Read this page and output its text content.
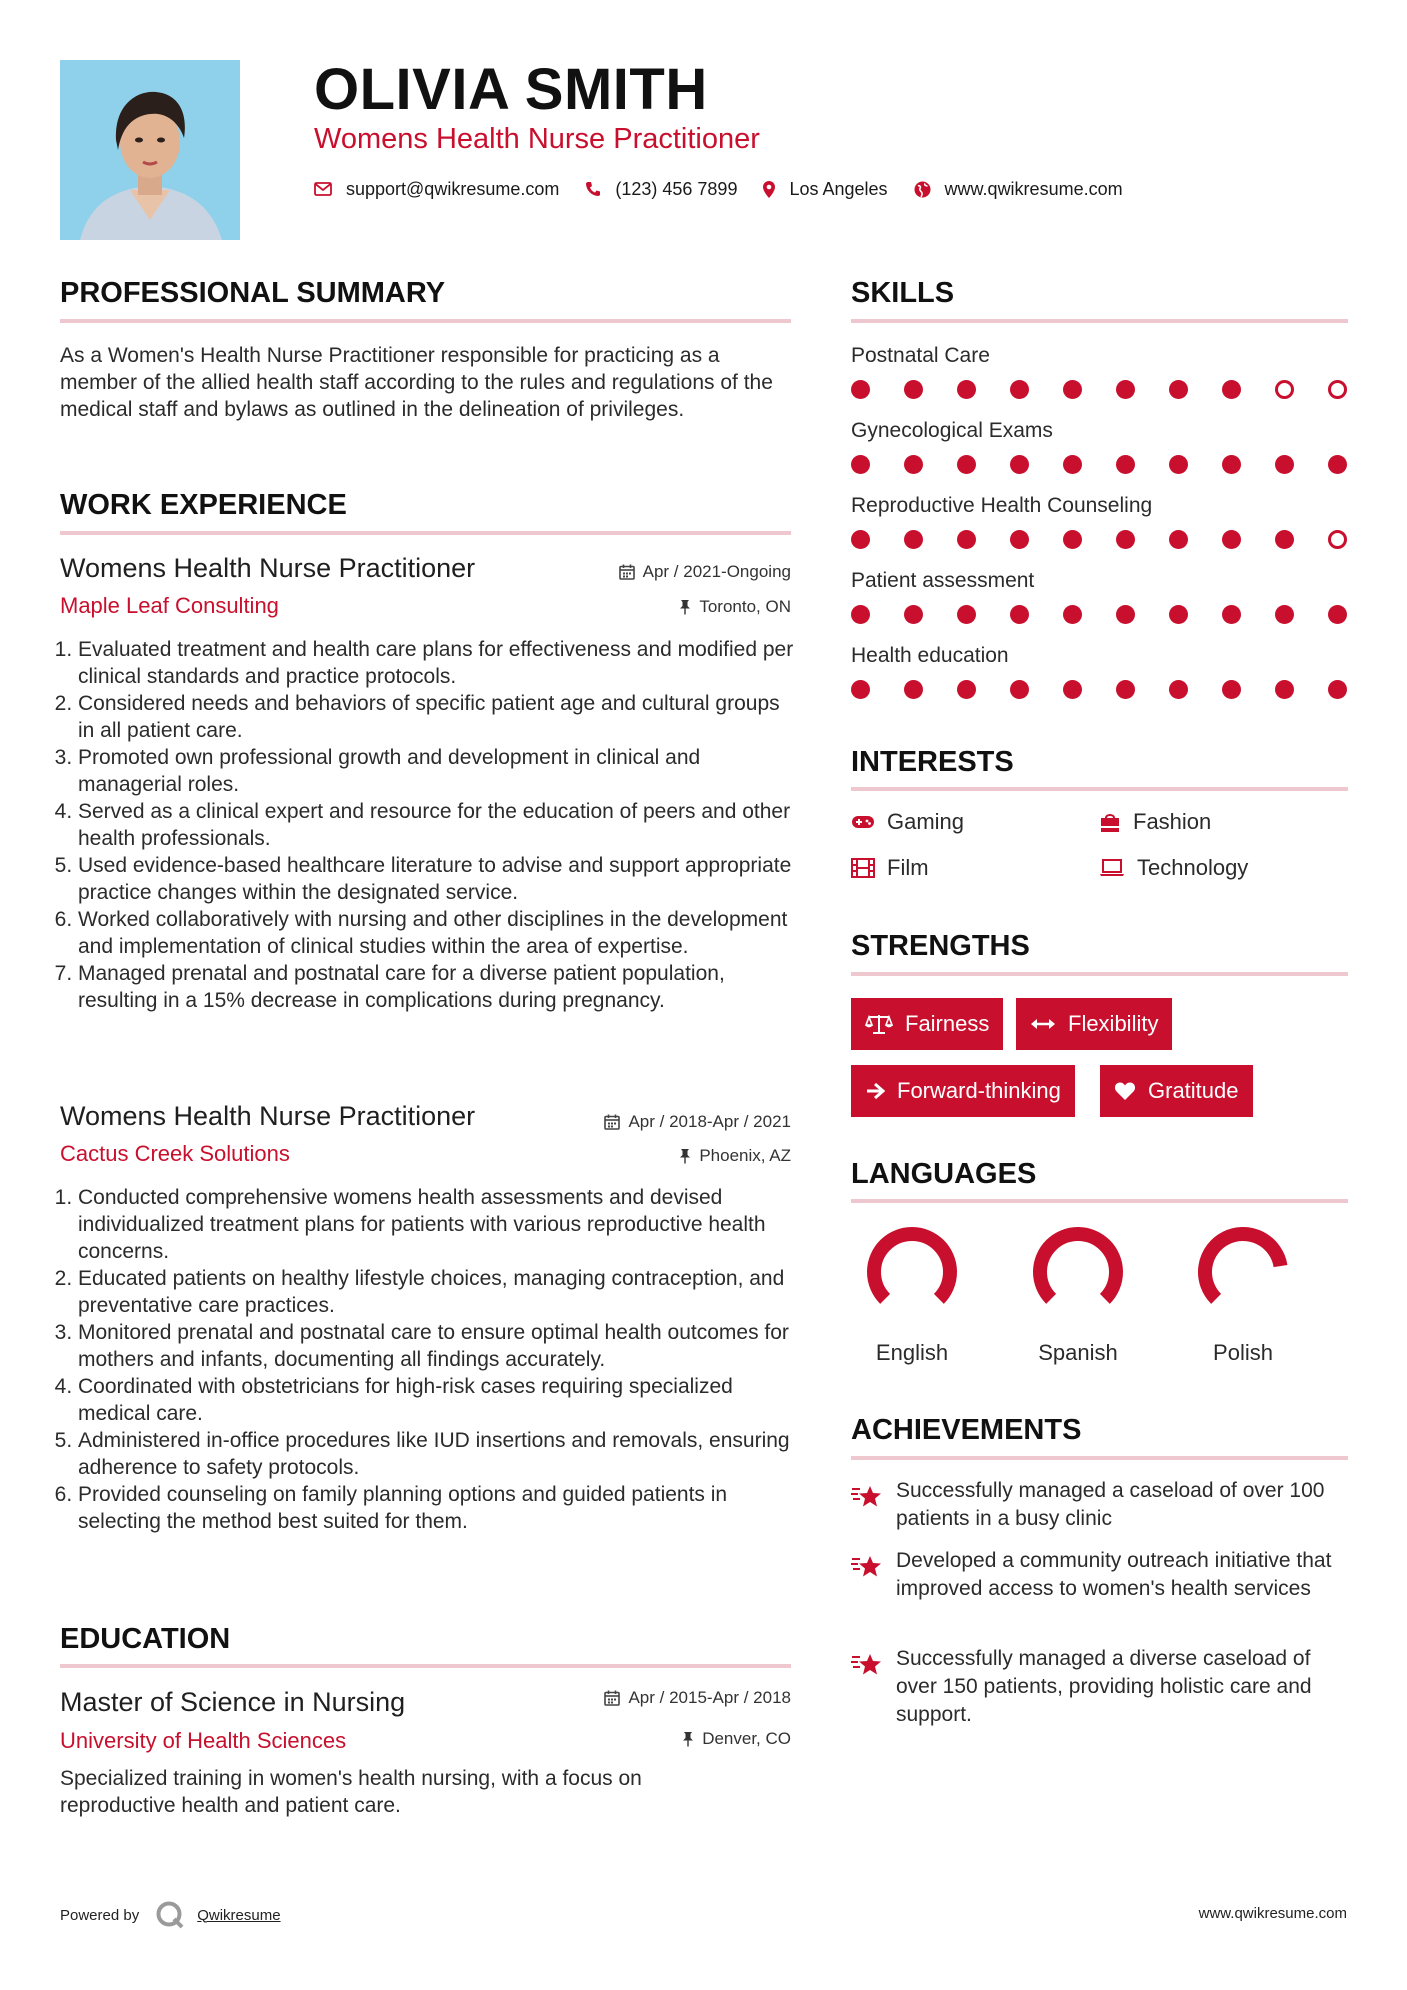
OLIVIA SMITH
Womens Health Nurse Practitioner
support@qwikresume.com	(123) 456 7899	Los Angeles	www.qwikresume.com
PROFESSIONAL SUMMARY
As a Women's Health Nurse Practitioner responsible for practicing as a member of the allied health staff according to the rules and regulations of the medical staff and bylaws as outlined in the delineation of privileges.
WORK EXPERIENCE
Womens Health Nurse Practitioner	Apr / 2021-Ongoing
Maple Leaf Consulting	Toronto, ON
1. Evaluated treatment and health care plans for effectiveness and modified per clinical standards and practice protocols.
2. Considered needs and behaviors of specific patient age and cultural groups in all patient care.
3. Promoted own professional growth and development in clinical and managerial roles.
4. Served as a clinical expert and resource for the education of peers and other health professionals.
5. Used evidence-based healthcare literature to advise and support appropriate practice changes within the designated service.
6. Worked collaboratively with nursing and other disciplines in the development and implementation of clinical studies within the area of expertise.
7. Managed prenatal and postnatal care for a diverse patient population, resulting in a 15% decrease in complications during pregnancy.
Womens Health Nurse Practitioner	Apr / 2018-Apr / 2021
Cactus Creek Solutions	Phoenix, AZ
1. Conducted comprehensive womens health assessments and devised individualized treatment plans for patients with various reproductive health concerns.
2. Educated patients on healthy lifestyle choices, managing contraception, and preventative care practices.
3. Monitored prenatal and postnatal care to ensure optimal health outcomes for mothers and infants, documenting all findings accurately.
4. Coordinated with obstetricians for high-risk cases requiring specialized medical care.
5. Administered in-office procedures like IUD insertions and removals, ensuring adherence to safety protocols.
6. Provided counseling on family planning options and guided patients in selecting the method best suited for them.
EDUCATION
Master of Science in Nursing	Apr / 2015-Apr / 2018
University of Health Sciences	Denver, CO
Specialized training in women's health nursing, with a focus on reproductive health and patient care.
SKILLS
Postnatal Care
Gynecological Exams
Reproductive Health Counseling
Patient assessment
Health education
INTERESTS
Gaming	Fashion
Film	Technology
STRENGTHS
Fairness	Flexibility
Forward-thinking	Gratitude
LANGUAGES
English	Spanish	Polish
ACHIEVEMENTS
Successfully managed a caseload of over 100 patients in a busy clinic
Developed a community outreach initiative that improved access to women's health services
Successfully managed a diverse caseload of over 150 patients, providing holistic care and support.
Powered by	Qwikresume	www.qwikresume.com
